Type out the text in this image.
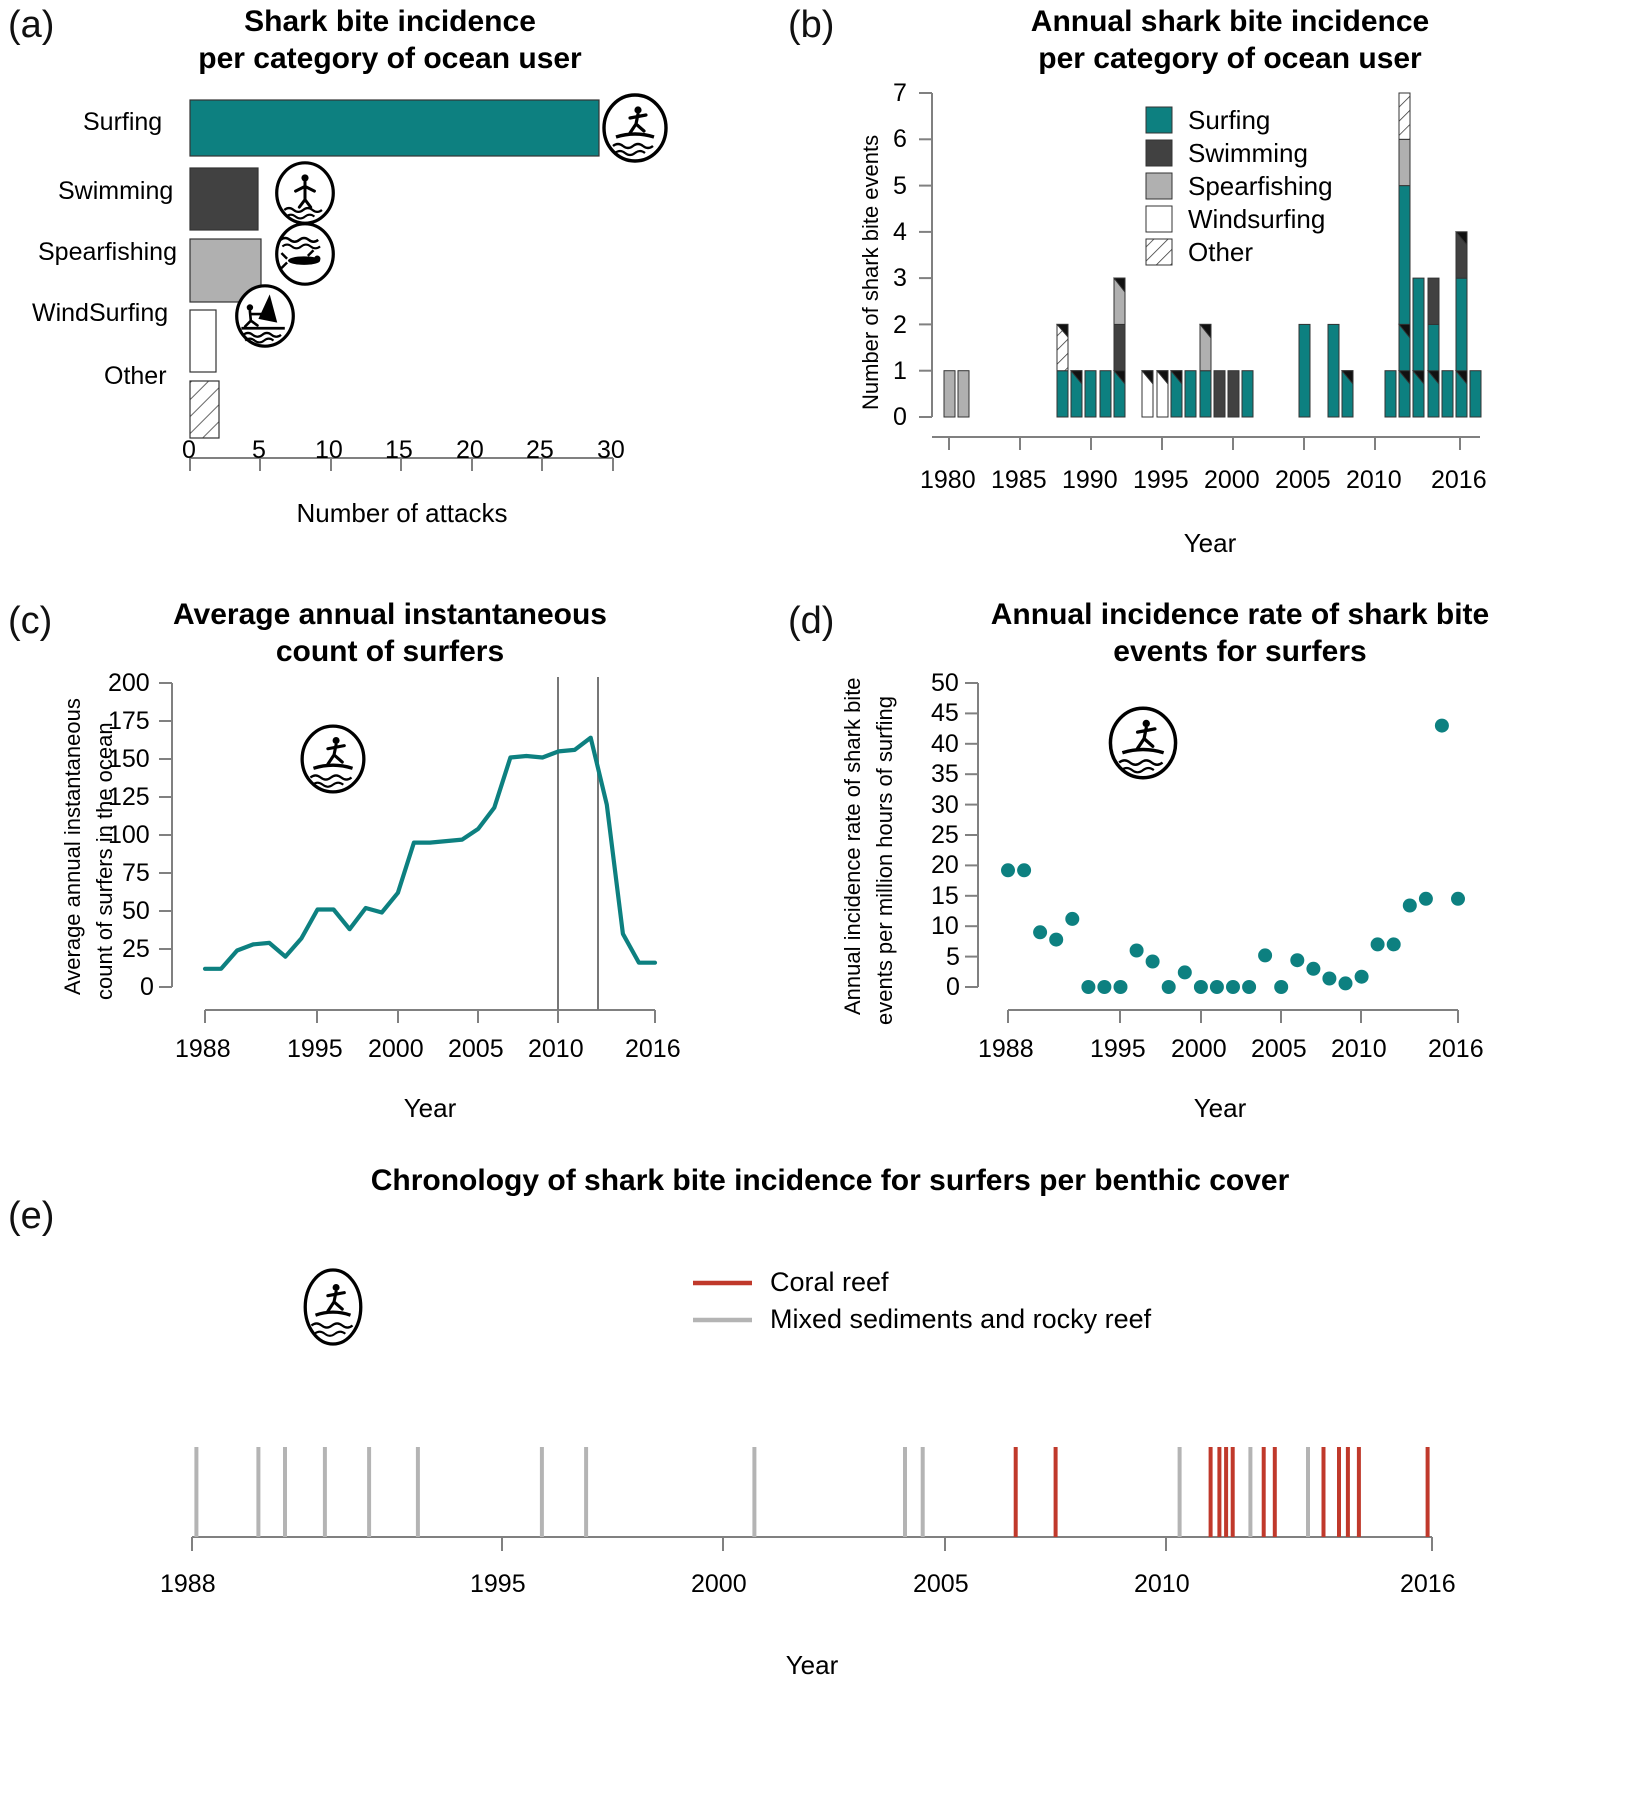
(a)	Shark bite incidence
per category of ocean user
Surfing
Swimming
Spearfishing
WindSurfing
Other
0 5 10 15 20 25 30
Number of attacks
(b)	Annual shark bite incidence
per category of ocean user
0
1
2
3
4
5
6
7
1980 1985 1990 1995 2000 2005 2010 2016
Surfing
Swimming
Spearfishing
Windsurfing
Other
Year
Number of shark bite events
(c)	Average annual instantaneous
count of surfers
0
25
50
75
100
125
150
175
200
1988 1995 2000 2005 2010 2016
Year
Average annual instantaneous count of surfers in the ocean
(d)	Annual incidence rate of shark bite
events for surfers
0
5
10
15
20
25
30
35
40
45
50
1988 1995 2000 2005 2010 2016
Year
Annual incidence rate of shark bite events per million hours of surfing
(e)
Chronology of shark bite incidence for surfers per benthic cover
Coral reef
Mixed sediments and rocky reef
1988	1995	2000	2005	2010	2016
Year
